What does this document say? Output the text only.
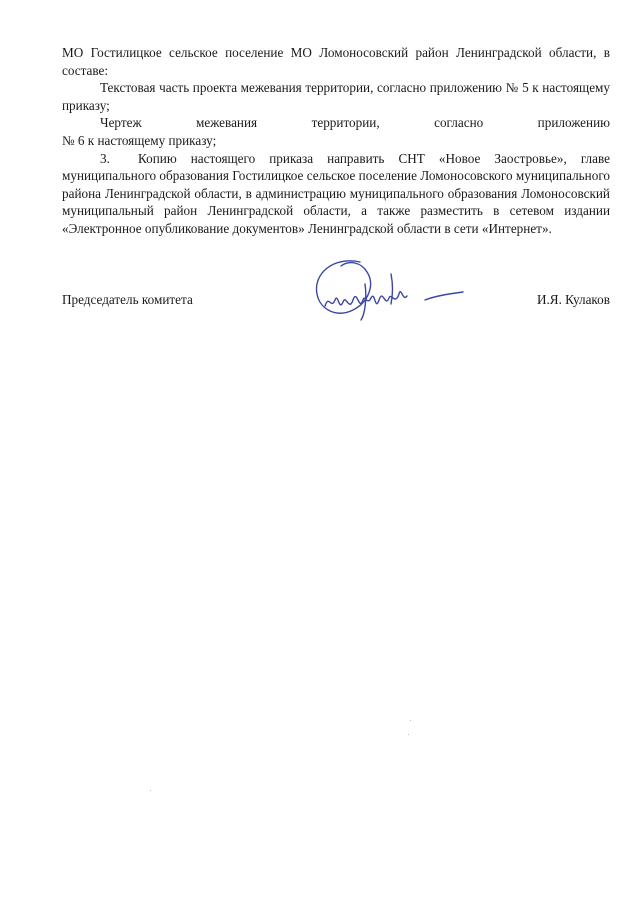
МО Гостилицкое сельское поселение МО Ломоносовский район Ленинградской области, в составе:
Текстовая часть проекта межевания территории, согласно приложению № 5 к настоящему приказу;
Чертеж межевания территории, согласно приложению
№ 6 к настоящему приказу;
3. Копию настоящего приказа направить СНТ «Новое Заостровье», главе муниципального образования Гостилицкое сельское поселение Ломоносовского муниципального района Ленинградской области, в администрацию муниципального образования Ломоносовский муниципальный район Ленинградской области, а также разместить в сетевом издании «Электронное опубликование документов» Ленинградской области в сети «Интернет».
Председатель комитета	И.Я. Кулаков
